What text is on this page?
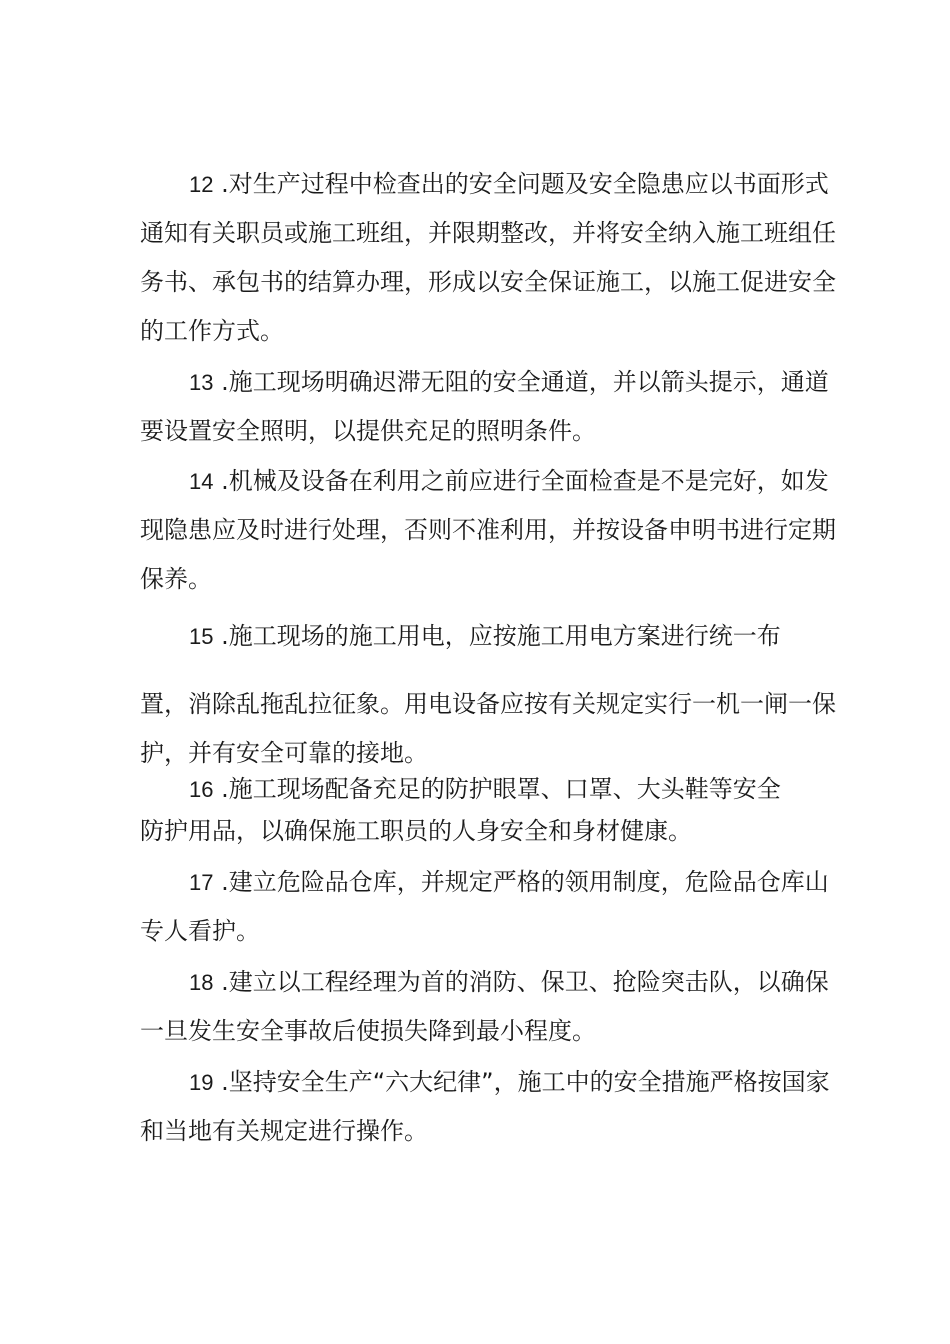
12 .对生产过程中检查出的安全问题及安全隐患应以书面形式
通知有关职员或施工班组，并限期整改，并将安全纳入施工班组任
务书、承包书的结算办理，形成以安全保证施工，以施工促进安全
的工作方式。
13 .施工现场明确迟滞无阻的安全通道，并以箭头提示，通道
要设置安全照明，以提供充足的照明条件。
14 .机械及设备在利用之前应进行全面检查是不是完好，如发
现隐患应及时进行处理，否则不准利用，并按设备申明书进行定期
保养。
15 .施工现场的施工用电，应按施工用电方案进行统一布
置，消除乱拖乱拉征象。用电设备应按有关规定实行一机一闸一保
护，并有安全可靠的接地。
16 .施工现场配备充足的防护眼罩、口罩、大头鞋等安全
防护用品，以确保施工职员的人身安全和身材健康。
17 .建立危险品仓库，并规定严格的领用制度，危险品仓库山
专人看护。
18 .建立以工程经理为首的消防、保卫、抢险突击队，以确保
一旦发生安全事故后使损失降到最小程度。
19 .坚持安全生产“六大纪律”，施工中的安全措施严格按国家
和当地有关规定进行操作。
